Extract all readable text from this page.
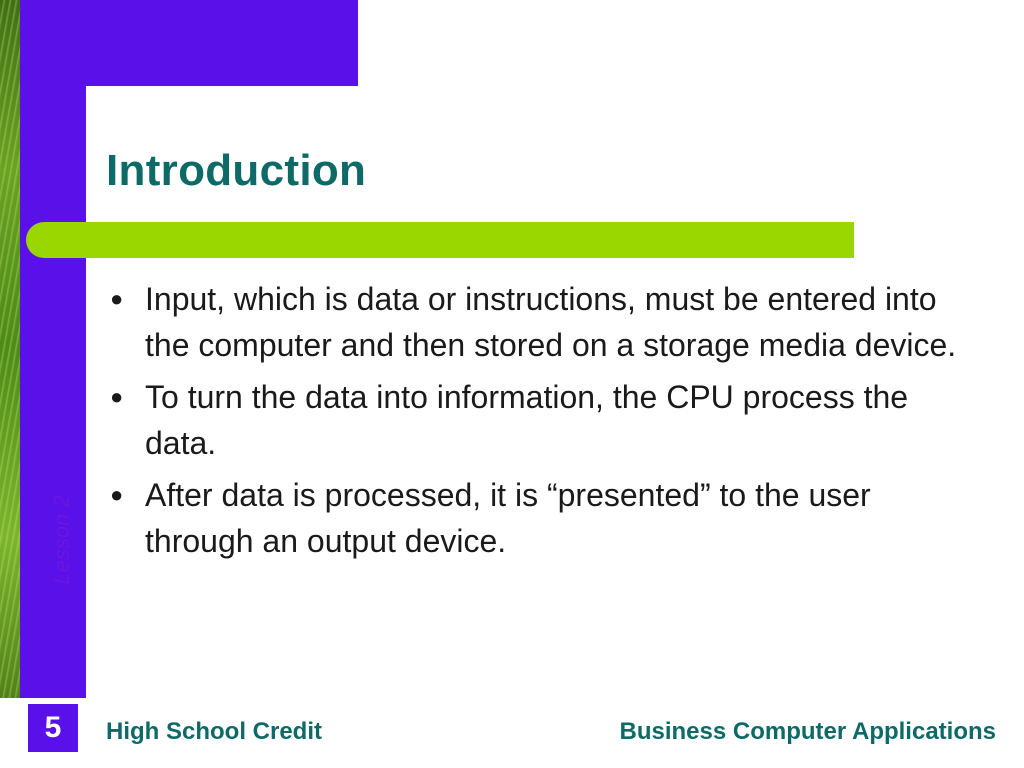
Introduction
● Input, which is data or instructions, must be entered into the computer and then stored on a storage media device.
● To turn the data into information, the CPU process the data.
● After data is processed, it is “presented” to the user through an output device.
Lesson 2
5	High School Credit	Business Computer Applications
